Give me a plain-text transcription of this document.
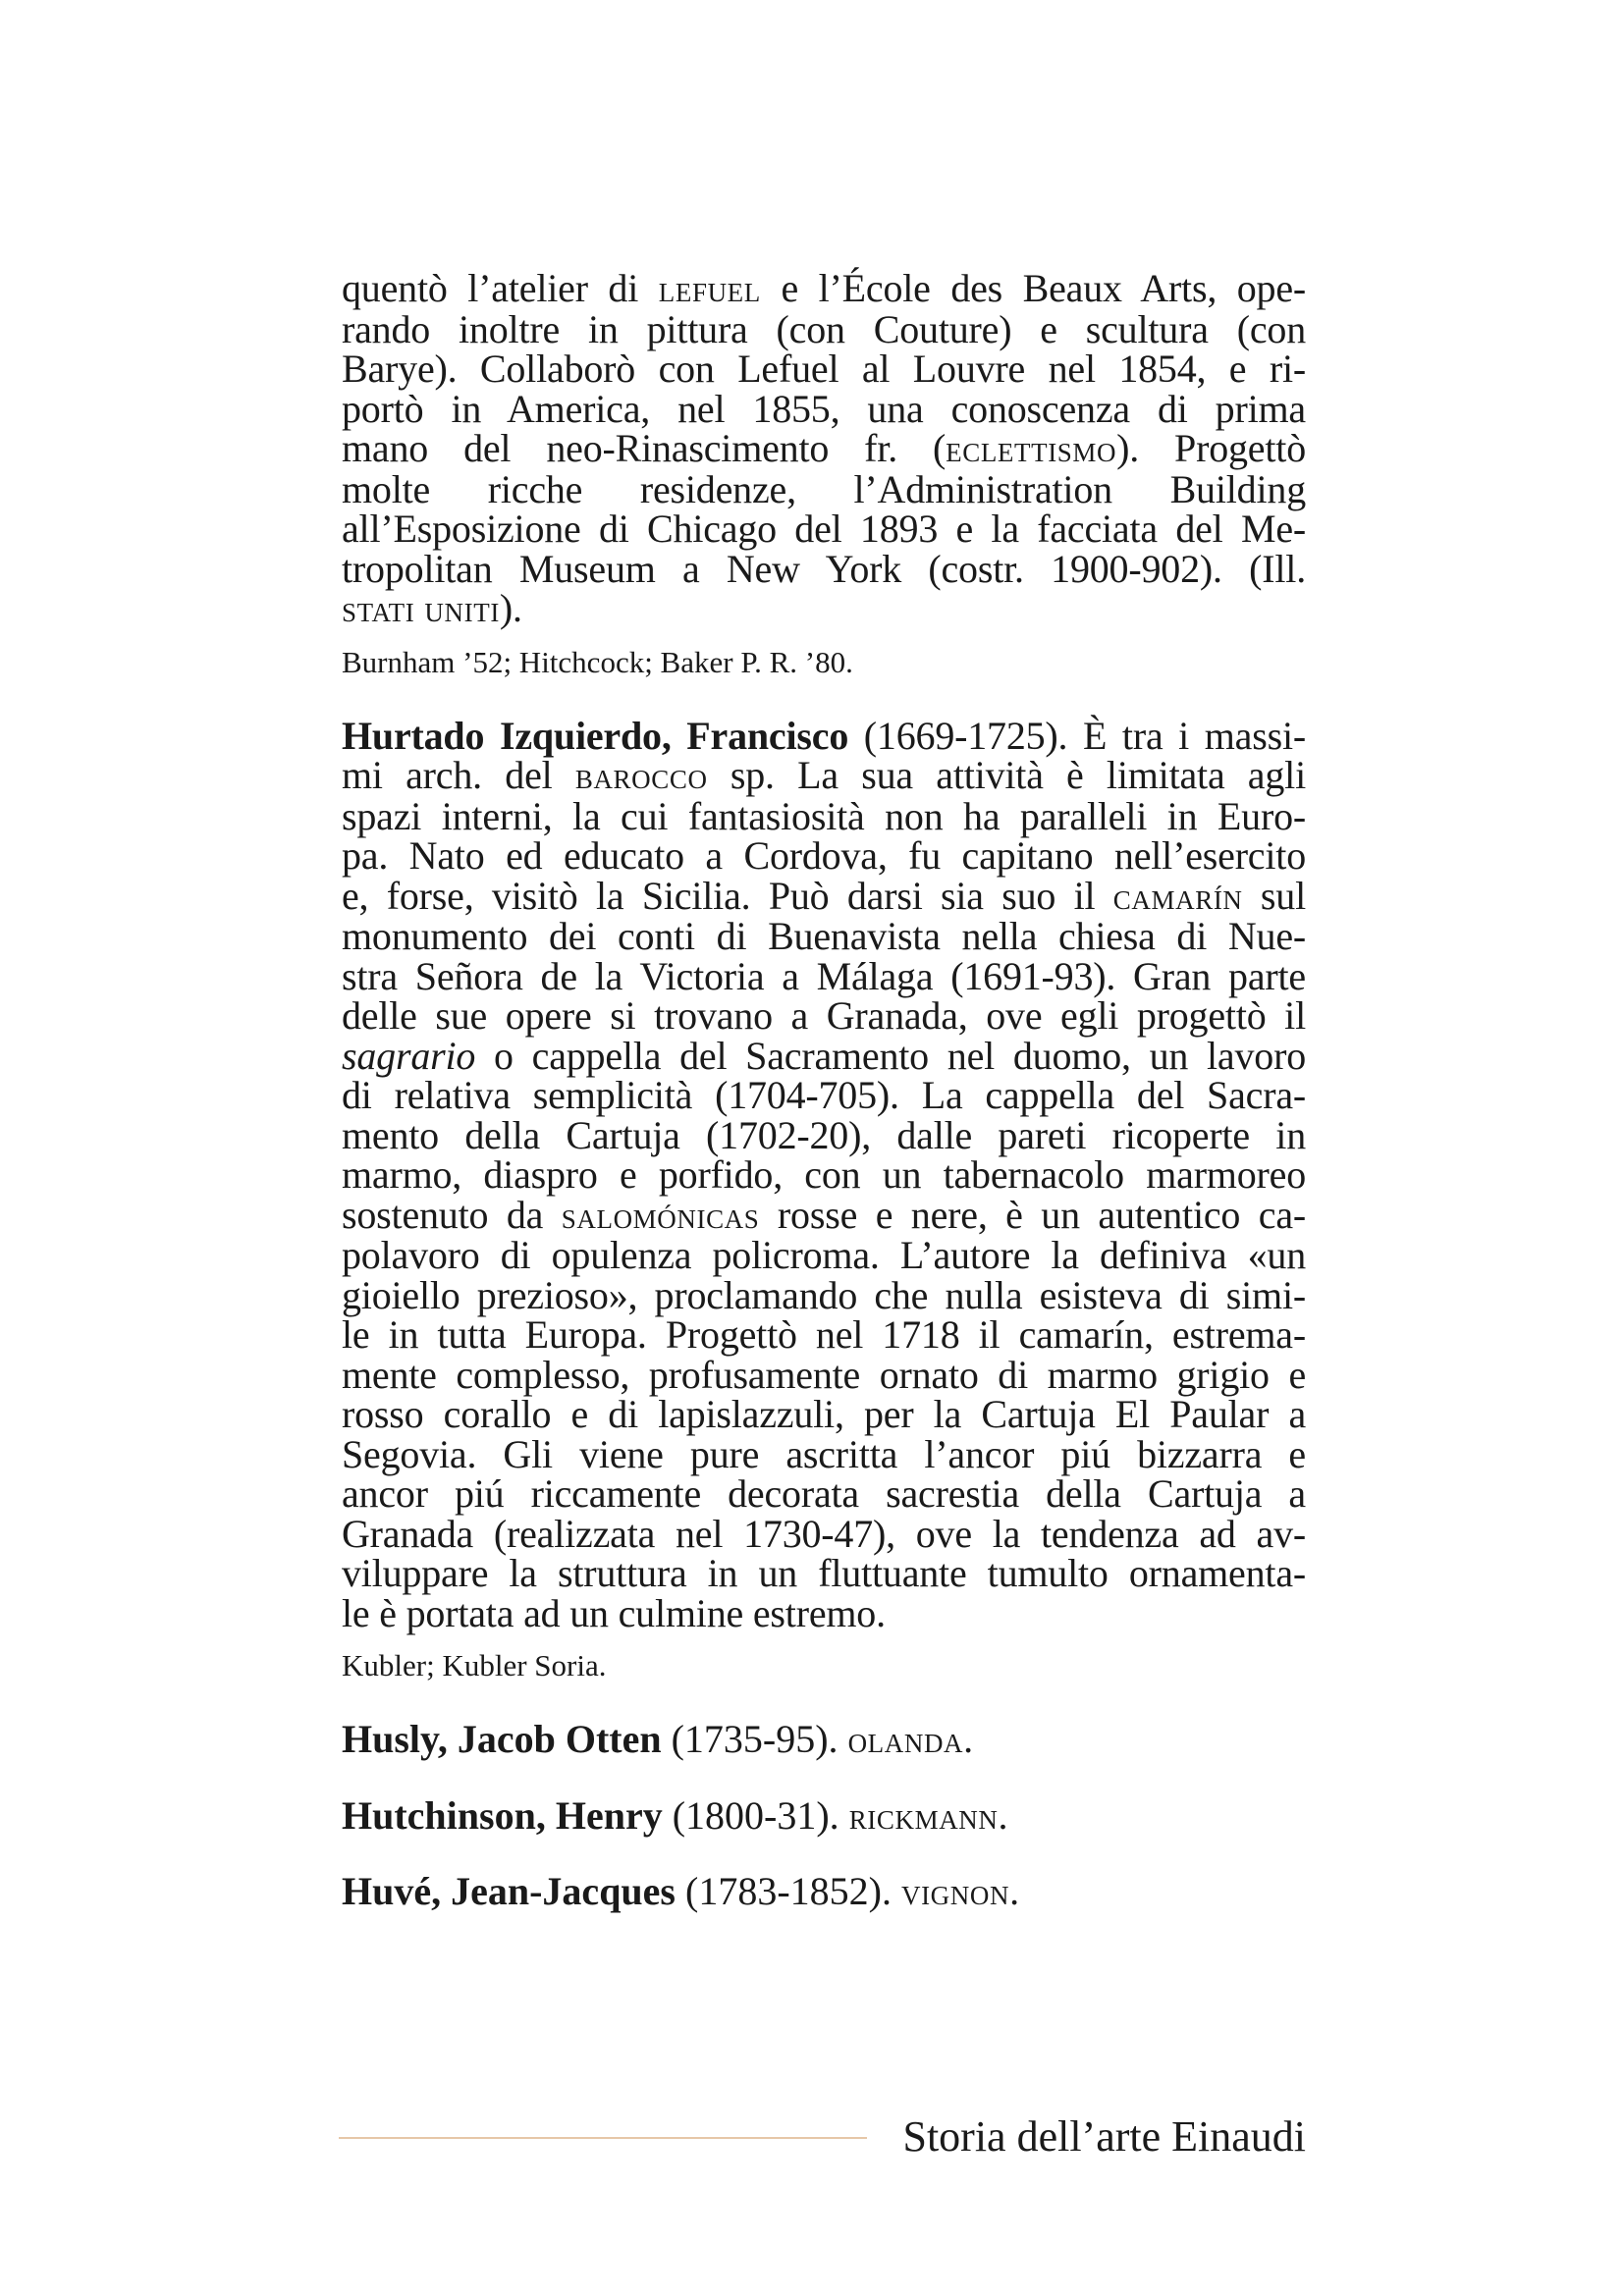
quentò l’atelier di lefuel e l’École des Beaux Arts, ope-
rando inoltre in pittura (con Couture) e scultura (con
Barye). Collaborò con Lefuel al Louvre nel 1854, e ri-
portò in America, nel 1855, una conoscenza di prima
mano del neo-Rinascimento fr. (eclettismo). Progettò
molte ricche residenze, l’Administration Building
all’Esposizione di Chicago del 1893 e la facciata del Me-
tropolitan Museum a New York (costr. 1900-902). (Ill.
stati uniti).

Burnham ’52; Hitchcock; Baker P. R. ’80.

Hurtado Izquierdo, Francisco (1669-1725). È tra i massi-
mi arch. del barocco sp. La sua attività è limitata agli
spazi interni, la cui fantasiosità non ha paralleli in Euro-
pa. Nato ed educato a Cordova, fu capitano nell’esercito
e, forse, visitò la Sicilia. Può darsi sia suo il camarín sul
monumento dei conti di Buenavista nella chiesa di Nue-
stra Señora de la Victoria a Málaga (1691-93). Gran parte
delle sue opere si trovano a Granada, ove egli progettò il
sagrario o cappella del Sacramento nel duomo, un lavoro
di relativa semplicità (1704-705). La cappella del Sacra-
mento della Cartuja (1702-20), dalle pareti ricoperte in
marmo, diaspro e porfido, con un tabernacolo marmoreo
sostenuto da salomónicas rosse e nere, è un autentico ca-
polavoro di opulenza policroma. L’autore la definiva «un
gioiello prezioso», proclamando che nulla esisteva di simi-
le in tutta Europa. Progettò nel 1718 il camarín, estrema-
mente complesso, profusamente ornato di marmo grigio e
rosso corallo e di lapislazzuli, per la Cartuja El Paular a
Segovia. Gli viene pure ascritta l’ancor piú bizzarra e
ancor piú riccamente decorata sacrestia della Cartuja a
Granada (realizzata nel 1730-47), ove la tendenza ad av-
viluppare la struttura in un fluttuante tumulto ornamenta-
le è portata ad un culmine estremo.

Kubler; Kubler Soria.

Husly, Jacob Otten (1735-95). olanda.

Hutchinson, Henry (1800-31). rickmann.

Huvé, Jean-Jacques (1783-1852). vignon.

Storia dell’arte Einaudi
